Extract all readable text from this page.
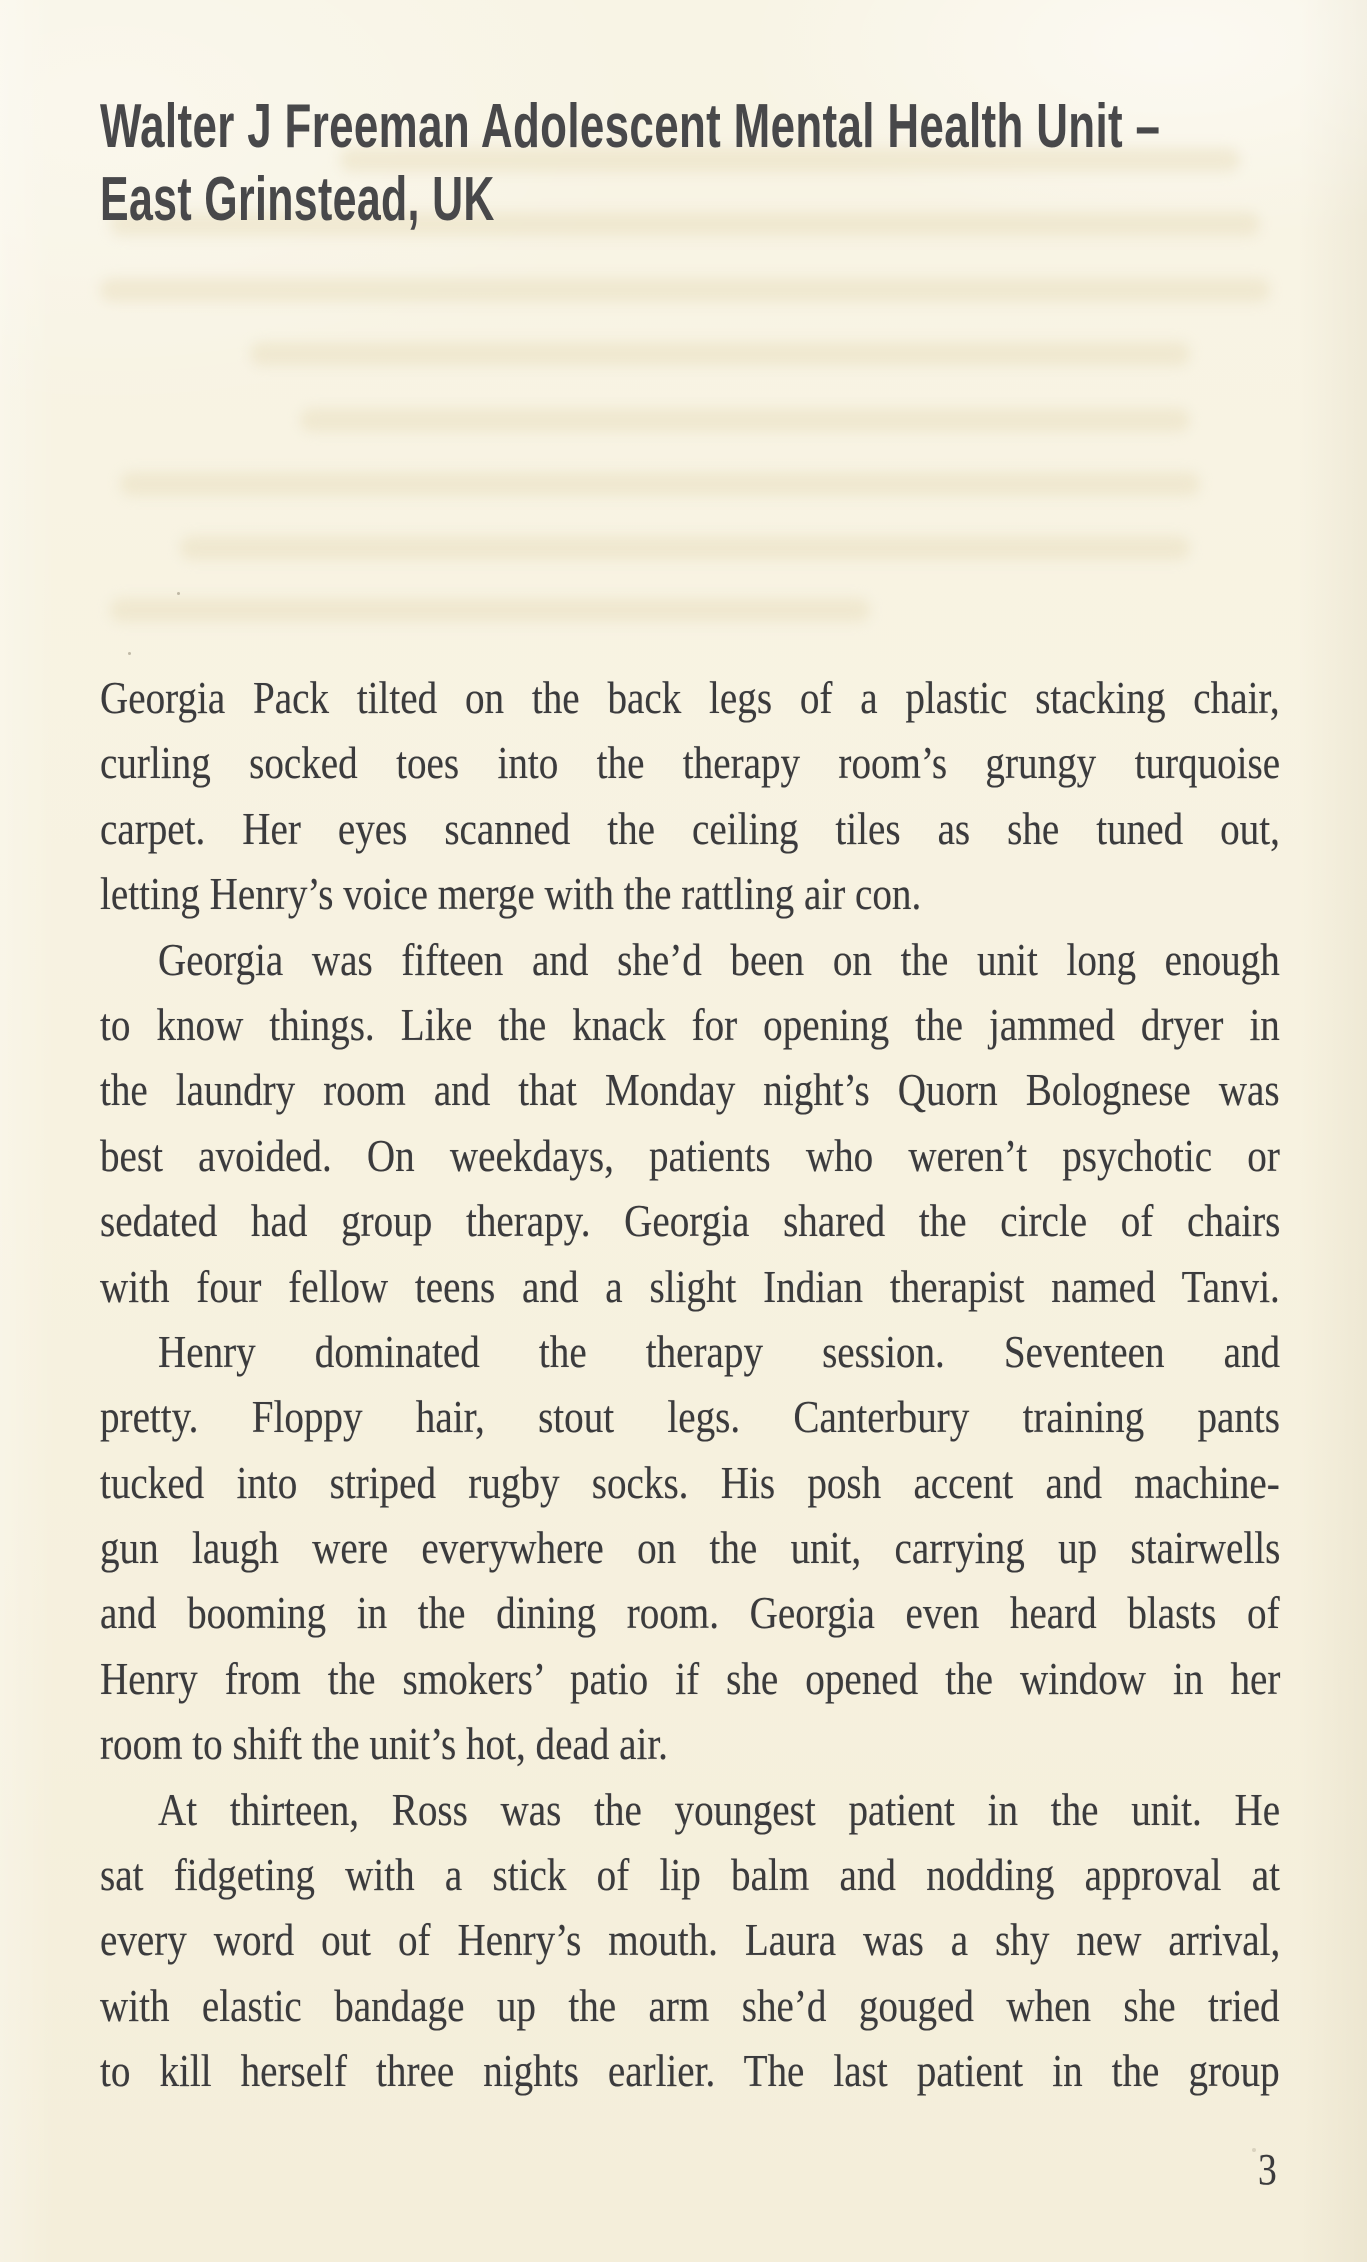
Walter J Freeman Adolescent Mental Health Unit –
East Grinstead, UK
Georgia Pack tilted on the back legs of a plastic stacking chair,
curling socked toes into the therapy room’s grungy turquoise
carpet. Her eyes scanned the ceiling tiles as she tuned out,
letting Henry’s voice merge with the rattling air con.
Georgia was fifteen and she’d been on the unit long enough
to know things. Like the knack for opening the jammed dryer in
the laundry room and that Monday night’s Quorn Bolognese was
best avoided. On weekdays, patients who weren’t psychotic or
sedated had group therapy. Georgia shared the circle of chairs
with four fellow teens and a slight Indian therapist named Tanvi.
Henry dominated the therapy session. Seventeen and
pretty. Floppy hair, stout legs. Canterbury training pants
tucked into striped rugby socks. His posh accent and machine-
gun laugh were everywhere on the unit, carrying up stairwells
and booming in the dining room. Georgia even heard blasts of
Henry from the smokers’ patio if she opened the window in her
room to shift the unit’s hot, dead air.
At thirteen, Ross was the youngest patient in the unit. He
sat fidgeting with a stick of lip balm and nodding approval at
every word out of Henry’s mouth. Laura was a shy new arrival,
with elastic bandage up the arm she’d gouged when she tried
to kill herself three nights earlier. The last patient in the group
3
